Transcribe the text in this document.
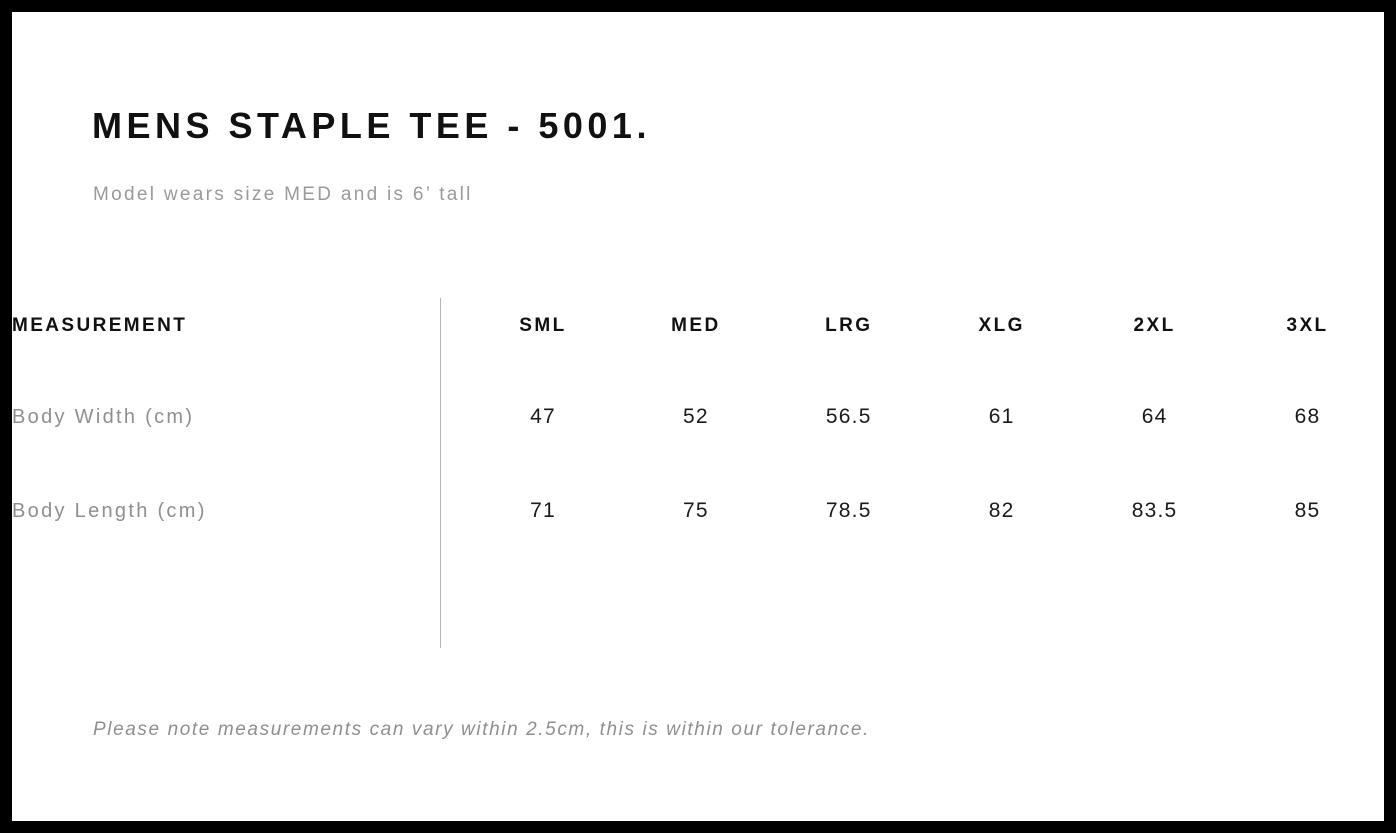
MENS STAPLE TEE - 5001.
Model wears size MED and is 6’ tall
MEASUREMENT	SML	MED	LRG	XLG	2XL	3XL
Body Width (cm)	47	52	56.5	61	64	68
Body Length (cm)	71	75	78.5	82	83.5	85
Please note measurements can vary within 2.5cm, this is within our tolerance.
